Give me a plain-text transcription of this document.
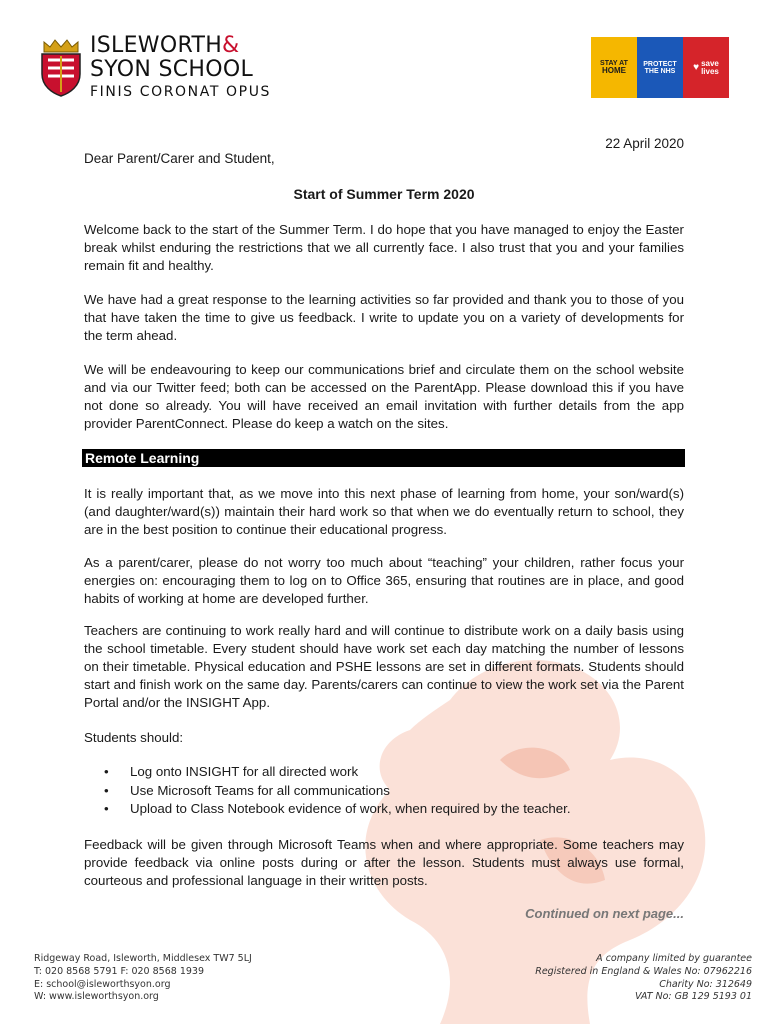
ISLEWORTH&
SYON SCHOOL
FINIS CORONAT OPUS
STAY AT
HOME
PROTECT
THE NHS ♥ save
lives
22 April 2020
Dear Parent/Carer and Student,
Start of Summer Term 2020

Welcome back to the start of the Summer Term. I do hope that you have managed to enjoy the Easter break whilst enduring the restrictions that we all currently face. I also trust that you and your families remain fit and healthy.

We have had a great response to the learning activities so far provided and thank you to those of you that have taken the time to give us feedback. I write to update you on a variety of developments for the term ahead.

We will be endeavouring to keep our communications brief and circulate them on the school website and via our Twitter feed; both can be accessed on the ParentApp. Please download this if you have not done so already. You will have received an email invitation with further details from the app provider ParentConnect. Please do keep a watch on the sites.

Remote Learning

It is really important that, as we move into this next phase of learning from home, your son/ward(s) (and daughter/ward(s)) maintain their hard work so that when we do eventually return to school, they are in the best position to continue their educational progress.

As a parent/carer, please do not worry too much about “teaching” your children, rather focus your energies on: encouraging them to log on to Office 365, ensuring that routines are in place, and good habits of working at home are developed further.

Teachers are continuing to work really hard and will continue to distribute work on a daily basis using the school timetable. Every student should have work set each day matching the number of lessons on their timetable. Physical education and PSHE lessons are set in different formats. Students should start and finish work on the same day. Parents/carers can continue to view the work set via the Parent Portal and/or the INSIGHT App.

Students should:

• Log onto INSIGHT for all directed work
• Use Microsoft Teams for all communications
• Upload to Class Notebook evidence of work, when required by the teacher.

Feedback will be given through Microsoft Teams when and where appropriate. Some teachers may provide feedback via online posts during or after the lesson. Students must always use formal, courteous and professional language in their written posts.

Continued on next page...
Ridgeway Road, Isleworth, Middlesex TW7 5LJ
T: 020 8568 5791 F: 020 8568 1939
E: school@isleworthsyon.org
W: www.isleworthsyon.org
A company limited by guarantee
Registered in England & Wales No: 07962216
Charity No: 312649
VAT No: GB 129 5193 01
